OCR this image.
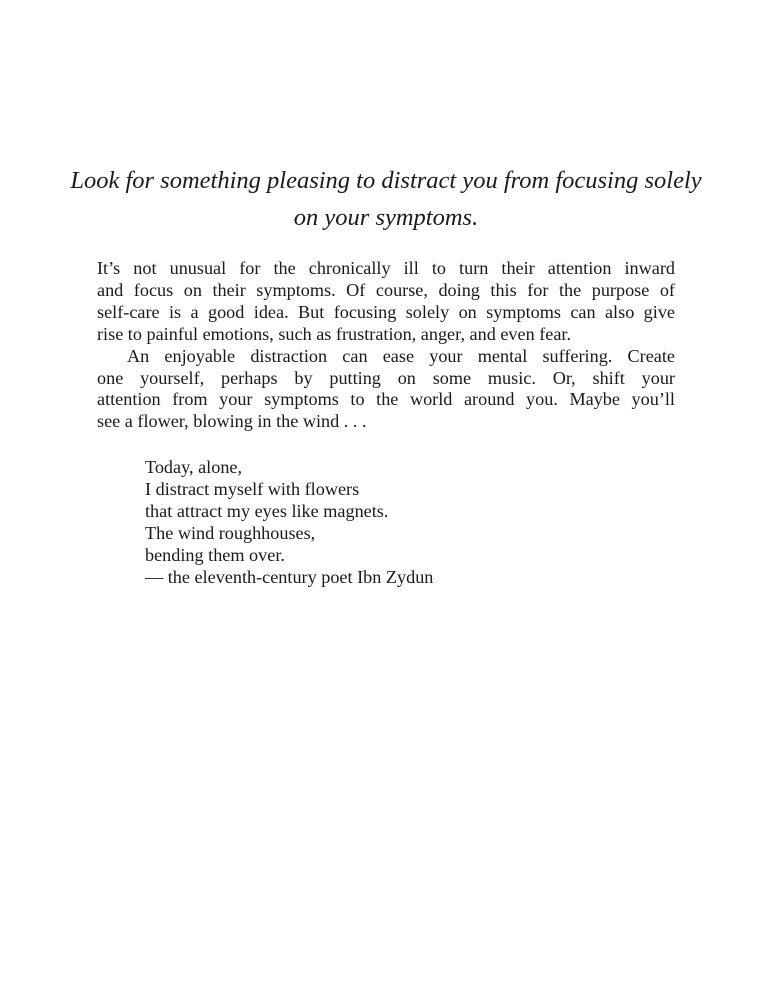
Look for something pleasing to distract you from focusing solely
on your symptoms.

It’s not unusual for the chronically ill to turn their attention inward
and focus on their symptoms. Of course, doing this for the purpose of
self-care is a good idea. But focusing solely on symptoms can also give
rise to painful emotions, such as frustration, anger, and even fear.

An enjoyable distraction can ease your mental suffering. Create
one yourself, perhaps by putting on some music. Or, shift your
attention from your symptoms to the world around you. Maybe you’ll
see a flower, blowing in the wind . . .

Today, alone,
I distract myself with flowers
that attract my eyes like magnets.
The wind roughhouses,
bending them over.
— the eleventh-century poet Ibn Zydun
